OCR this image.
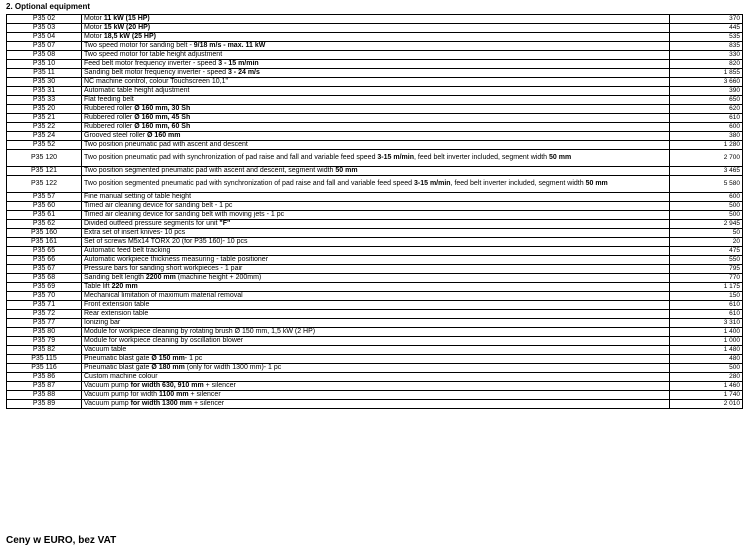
2. Optional equipment
P35 02	Motor 11 kW (15 HP)	370
P35 03	Motor 15 kW (20 HP)	445
P35 04	Motor 18,5 kW (25 HP)	535
P35 07	Two speed motor for sanding belt - 9/18 m/s - max. 11 kW	835
P35 08	Two speed motor for table height adjustment	330
P35 10	Feed belt motor frequency inverter - speed 3 - 15 m/min	820
P35 11	Sanding belt motor frequency inverter - speed 3 - 24 m/s	1 855
P35 30	NC machine control, colour Touchscreen 10,1"	3 660
P35 31	Automatic table height adjustment	390
P35 33	Flat feeding belt	650
P35 20	Rubbered roller Ø 160 mm, 30 Sh	620
P35 21	Rubbered roller Ø 160 mm, 45 Sh	610
P35 22	Rubbered roller Ø 160 mm, 60 Sh	600
P35 24	Grooved steel roller Ø 160 mm	380
P35 52	Two position pneumatic pad with ascent and descent	1 280
P35 120	Two position pneumatic pad with synchronization of pad raise and fall and variable feed speed 3-15 m/min, feed belt inverter included, segment width 50 mm	2 700
P35 121	Two position segmented pneumatic pad with ascent and descent, segment width 50 mm	3 465
P35 122	Two position segmented pneumatic pad with synchronization of pad raise and fall and variable feed speed 3-15 m/min, feed belt inverter included, segment width 50 mm	5 580
P35 57	Fine manual setting of table height	600
P35 60	Timed air cleaning device for sanding belt - 1 pc	500
P35 61	Timed air cleaning device for sanding belt with moving jets - 1 pc	500
P35 62	Divided outfeed pressure segments for unit "F"	2 945
P35 160	Extra set of insert knives- 10 pcs	50
P35 161	Set of screws M5x14 TORX 20 (for P35 160)- 10 pcs	20
P35 65	Automatic feed belt tracking	475
P35 66	Automatic workpiece thickness measuring - table positioner	550
P35 67	Pressure bars for sanding short workpieces - 1 pair	795
P35 68	Sanding belt length 2200 mm (machine height + 200mm)	770
P35 69	Table lift 220 mm	1 175
P35 70	Mechanical limitation of maximum material removal	150
P35 71	Front extension table	610
P35 72	Rear extension table	610
P35 77	Ionizing bar	3 310
P35 80	Module for workpiece cleaning by rotating brush Ø 150 mm, 1,5 kW (2 HP)	1 400
P35 79	Module for workpiece cleaning by oscillation blower	1 000
P35 82	Vacuum table	1 480
P35 115	Pneumatic blast gate Ø 150 mm- 1 pc	480
P35 116	Pneumatic blast gate Ø 180 mm (only for width 1300 mm)- 1 pc	500
P35 86	Custom machine colour	280
P35 87	Vacuum pump for width 630, 910 mm + silencer	1 460
P35 88	Vacuum pump for width 1100 mm + silencer	1 740
P35 89	Vacuum pump for width 1300 mm + silencer	2 010
Ceny w EURO, bez VAT
